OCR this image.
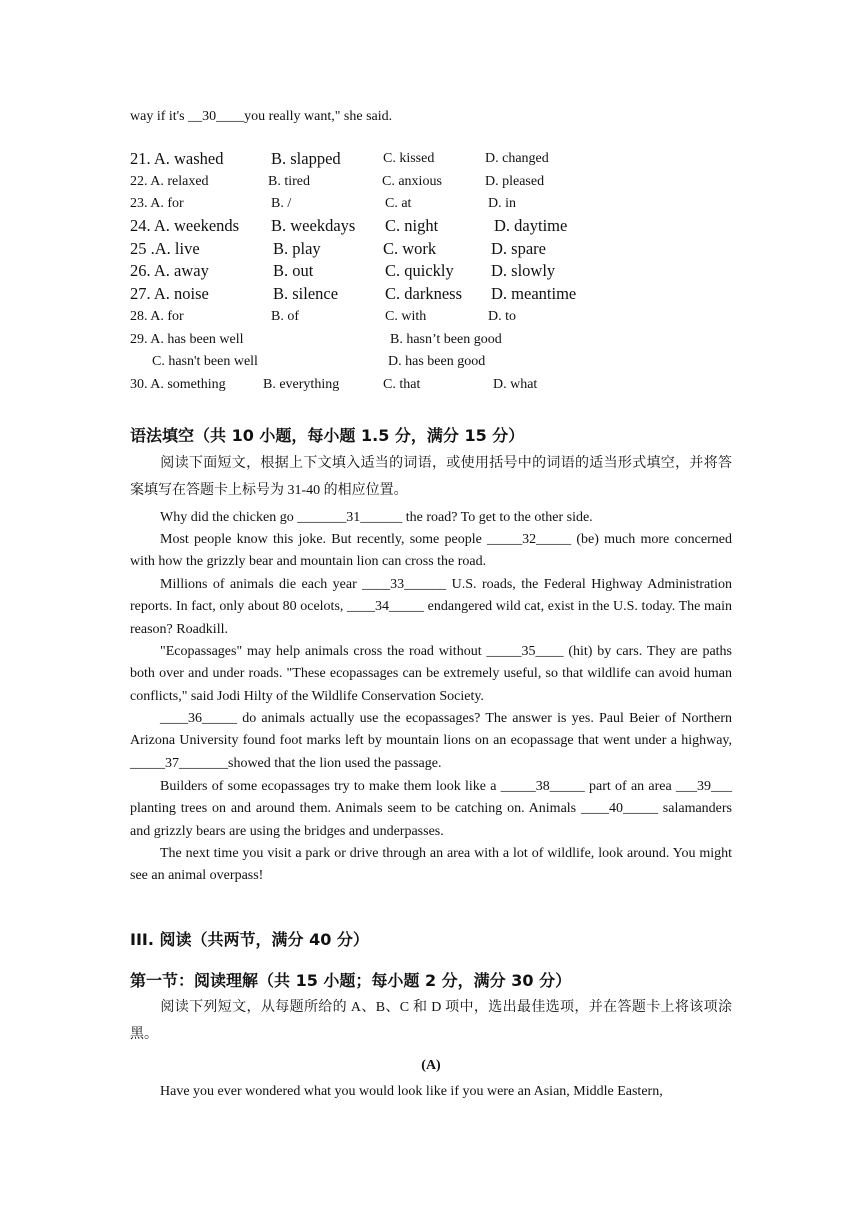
way if it's __30____you really want," she said.
21. A. washed	B. slapped	C. kissed	D. changed
22. A. relaxed	B. tired	C. anxious	D. pleased
23. A. for	B. /	C. at	D. in
24. A. weekends B. weekdays C. night	D. daytime
25 .A. live	B. play	C. work	D. spare
26. A. away	B. out	C. quickly D. slowly
27. A. noise	B. silence	C. darkness D. meantime
28. A. for	B. of	C. with	D. to
29. A. has been well	B. hasn’t been good
C. hasn't been well	D. has been good
30. A. something	B. everything	C. that	D. what
语法填空（共 10 小题，每小题 1.5 分，满分 15 分）
阅读下面短文，根据上下文填入适当的词语，或使用括号中的词语的适当形式填空，并将答案填写在答题卡上标号为 31-40 的相应位置。
Why did the chicken go _______31______ the road? To get to the other side.
Most people know this joke. But recently, some people _____32_____ (be) much more concerned with how the grizzly bear and mountain lion can cross the road.
Millions of animals die each year ____33______ U.S. roads, the Federal Highway Administration reports. In fact, only about 80 ocelots, ____34_____ endangered wild cat, exist in the U.S. today. The main reason? Roadkill.
"Ecopassages" may help animals cross the road without _____35____ (hit) by cars. They are paths both over and under roads. "These ecopassages can be extremely useful, so that wildlife can avoid human conflicts," said Jodi Hilty of the Wildlife Conservation Society.
____36_____ do animals actually use the ecopassages? The answer is yes. Paul Beier of Northern Arizona University found foot marks left by mountain lions on an ecopassage that went under a highway, _____37_______showed that the lion used the passage.
Builders of some ecopassages try to make them look like a _____38_____ part of an area ___39___ planting trees on and around them. Animals seem to be catching on. Animals ____40_____ salamanders and grizzly bears are using the bridges and underpasses.
The next time you visit a park or drive through an area with a lot of wildlife, look around. You might see an animal overpass!
III. 阅读（共两节，满分 40 分）
第一节：阅读理解（共 15 小题；每小题 2 分，满分 30 分）
阅读下列短文，从每题所给的 A、B、C 和 D 项中，选出最佳选项，并在答题卡上将该项涂黑。
(A)
Have you ever wondered what you would look like if you were an Asian, Middle Eastern,
